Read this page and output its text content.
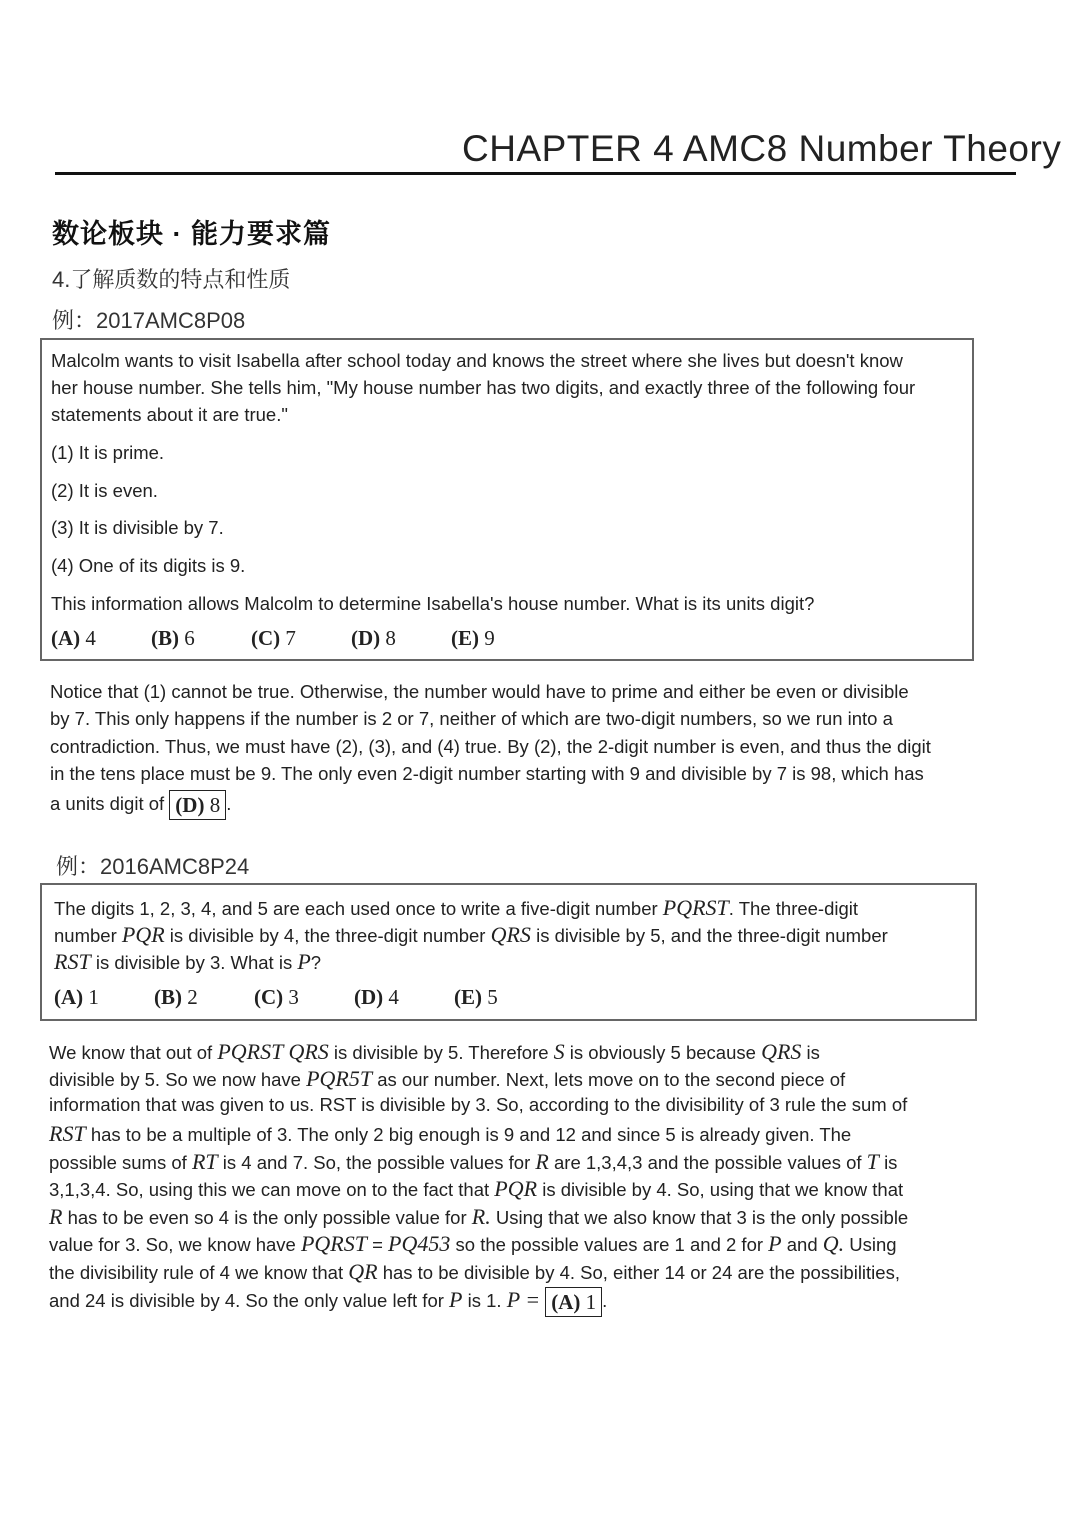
CHAPTER 4 AMC8 Number Theory
数论板块 · 能力要求篇
4.了解质数的特点和性质
例：2017AMC8P08
Malcolm wants to visit Isabella after school today and knows the street where she lives but doesn't know
her house number. She tells him, "My house number has two digits, and exactly three of the following four
statements about it are true."
(1) It is prime.
(2) It is even.
(3) It is divisible by 7.
(4) One of its digits is 9.
This information allows Malcolm to determine Isabella's house number. What is its units digit?
(A) 4	(B) 6	(C) 7	(D) 8	(E) 9
Notice that (1) cannot be true. Otherwise, the number would have to prime and either be even or divisible
by 7. This only happens if the number is 2 or 7, neither of which are two-digit numbers, so we run into a
contradiction. Thus, we must have (2), (3), and (4) true. By (2), the 2-digit number is even, and thus the digit
in the tens place must be 9. The only even 2-digit number starting with 9 and divisible by 7 is 98, which has
a units digit of (D) 8 .
例：2016AMC8P24
The digits 1, 2, 3, 4, and 5 are each used once to write a five-digit number PQRST. The three-digit
number PQR is divisible by 4, the three-digit number QRS is divisible by 5, and the three-digit number
RST is divisible by 3. What is P?
(A) 1	(B) 2	(C) 3	(D) 4	(E) 5
We know that out of PQRST QRS is divisible by 5. Therefore S is obviously 5 because QRS is
divisible by 5. So we now have PQR5T as our number. Next, lets move on to the second piece of
information that was given to us. RST is divisible by 3. So, according to the divisibility of 3 rule the sum of
RST has to be a multiple of 3. The only 2 big enough is 9 and 12 and since 5 is already given. The
possible sums of RT is 4 and 7. So, the possible values for R are 1,3,4,3 and the possible values of T is
3,1,3,4. So, using this we can move on to the fact that PQR is divisible by 4. So, using that we know that
R has to be even so 4 is the only possible value for R. Using that we also know that 3 is the only possible
value for 3. So, we know have PQRST = PQ453 so the possible values are 1 and 2 for P and Q. Using
the divisibility rule of 4 we know that QR has to be divisible by 4. So, either 14 or 24 are the possibilities,
and 24 is divisible by 4. So the only value left for P is 1. P = (A) 1 .
